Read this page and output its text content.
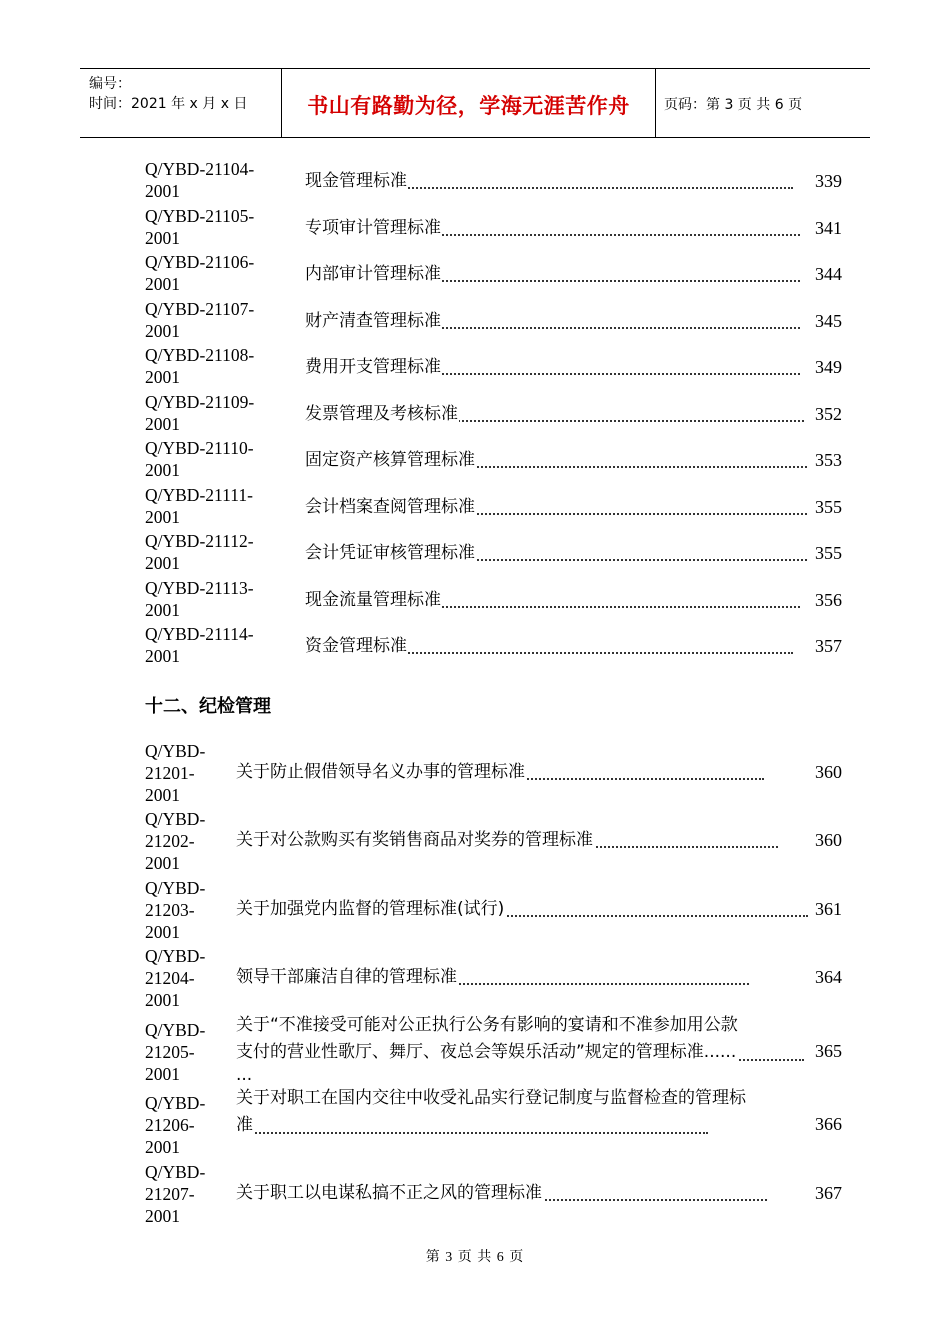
编号：
时间：2021 年 x 月 x 日	书山有路勤为径，学海无涯苦作舟	页码：第 3 页 共 6 页
Q/YBD-21104-
2001	现金管理标准	339
Q/YBD-21105-
2001	专项审计管理标准	341
Q/YBD-21106-
2001	内部审计管理标准	344
Q/YBD-21107-
2001	财产清查管理标准	345
Q/YBD-21108-
2001	费用开支管理标准	349
Q/YBD-21109-
2001	发票管理及考核标准	352
Q/YBD-21110-
2001	固定资产核算管理标准	353
Q/YBD-21111-
2001	会计档案查阅管理标准	355
Q/YBD-21112-
2001	会计凭证审核管理标准	355
Q/YBD-21113-
2001	现金流量管理标准	356
Q/YBD-21114-
2001	资金管理标准	357
十二、纪检管理
Q/YBD-
21201-
2001
关于防止假借领导名义办事的管理标准	360
Q/YBD-
21202-
2001
关于对公款购买有奖销售商品对奖券的管理标准	360
Q/YBD-
21203-
2001
关于加强党内监督的管理标准(试行)	361
Q/YBD-
21204-
2001
领导干部廉洁自律的管理标准	364
Q/YBD-
21205-
2001
关于“不准接受可能对公正执行公务有影响的宴请和不准参加用公款
支付的营业性歌厅、舞厅、夜总会等娱乐活动”规定的管理标准......
...
365
Q/YBD-
21206-
2001
关于对职工在国内交往中收受礼品实行登记制度与监督检查的管理标
准	366
Q/YBD-
21207-
2001
关于职工以电谋私搞不正之风的管理标准	367
第 3 页 共 6 页
